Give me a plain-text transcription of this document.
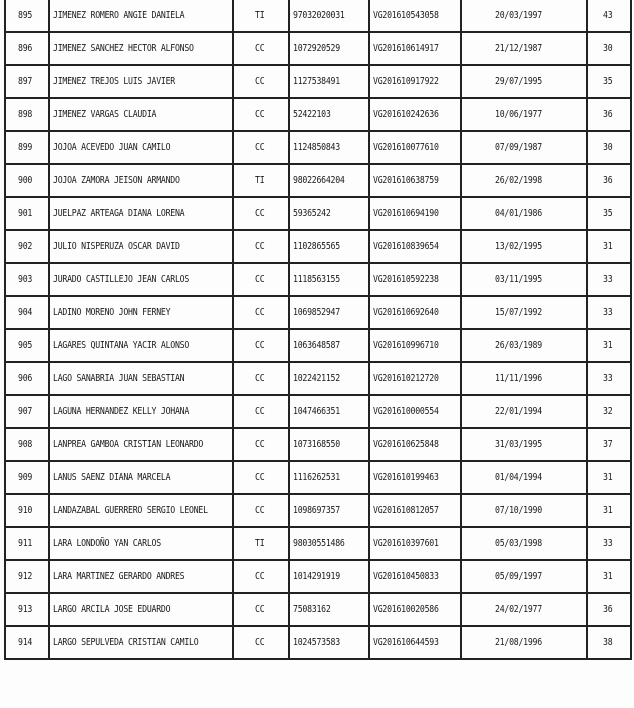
895	JIMENEZ ROMERO ANGIE DANIELA	TI	97032020031	VG201610543058	20/03/1997	43
896	JIMENEZ SANCHEZ HECTOR ALFONSO	CC	1072920529	VG201610614917	21/12/1987	30
897	JIMENEZ TREJOS LUIS JAVIER	CC	1127538491	VG201610917922	29/07/1995	35
898	JIMENEZ VARGAS CLAUDIA	CC	52422103	VG201610242636	10/06/1977	36
899	JOJOA ACEVEDO JUAN CAMILO	CC	1124850843	VG201610077610	07/09/1987	30
900	JOJOA ZAMORA JEISON ARMANDO	TI	98022664204	VG201610638759	26/02/1998	36
901	JUELPAZ ARTEAGA DIANA LORENA	CC	59365242	VG201610694190	04/01/1986	35
902	JULIO NISPERUZA OSCAR DAVID	CC	1102865565	VG201610839654	13/02/1995	31
903	JURADO CASTILLEJO JEAN CARLOS	CC	1118563155	VG201610592238	03/11/1995	33
904	LADINO MORENO JOHN FERNEY	CC	1069852947	VG201610692640	15/07/1992	33
905	LAGARES QUINTANA YACIR ALONSO	CC	1063648587	VG201610996710	26/03/1989	31
906	LAGO SANABRIA JUAN SEBASTIAN	CC	1022421152	VG201610212720	11/11/1996	33
907	LAGUNA HERNANDEZ KELLY JOHANA	CC	1047466351	VG201610000554	22/01/1994	32
908	LANPREA GAMBOA CRISTIAN LEONARDO	CC	1073168550	VG201610625848	31/03/1995	37
909	LANUS SAENZ DIANA MARCELA	CC	1116262531	VG201610199463	01/04/1994	31
910	LANDAZABAL GUERRERO SERGIO LEONEL	CC	1098697357	VG201610812057	07/10/1990	31
911	LARA LONDOÑO YAN CARLOS	TI	98030551486	VG201610397601	05/03/1998	33
912	LARA MARTINEZ GERARDO ANDRES	CC	1014291919	VG201610450833	05/09/1997	31
913	LARGO ARCILA JOSE EDUARDO	CC	75083162	VG201610020586	24/02/1977	36
914	LARGO SEPULVEDA CRISTIAN CAMILO	CC	1024573583	VG201610644593	21/08/1996	38
